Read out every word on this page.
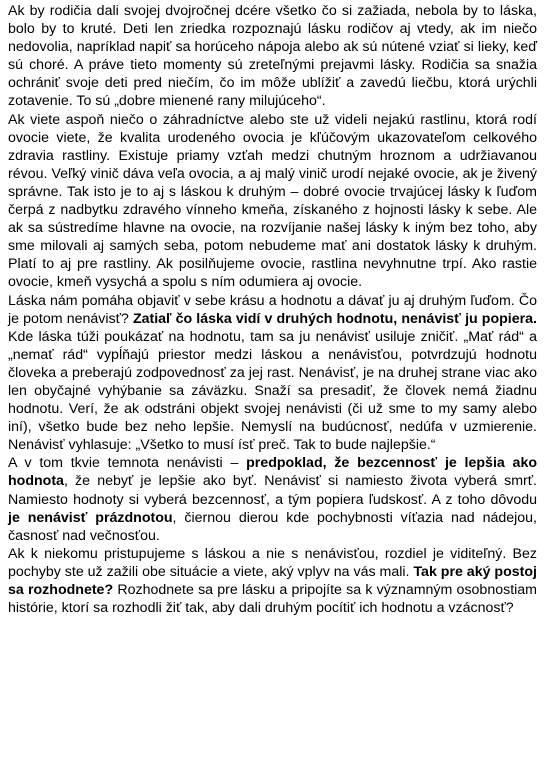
Ak by rodičia dali svojej dvojročnej dcére všetko čo si zažiada, nebola by to láska, bolo by to kruté. Deti len zriedka rozpoznajú lásku rodičov aj vtedy, ak im niečo nedovolia, napríklad napiť sa horúceho nápoja alebo ak sú nútené vziať si lieky, keď sú choré. A práve tieto momenty sú zreteľnými prejavmi lásky. Rodičia sa snažia ochrániť svoje deti pred niečím, čo im môže ublížiť a zavedú liečbu, ktorá urýchli zotavenie. To sú „dobre mienené rany milujúceho“.

Ak viete aspoň niečo o záhradníctve alebo ste už videli nejakú rastlinu, ktorá rodí ovocie viete, že kvalita urodeného ovocia je kľúčovým ukazovateľom celkového zdravia rastliny. Existuje priamy vzťah medzi chutným hroznom a udržiavanou révou. Veľký vinič dáva veľa ovocia, a aj malý vinič urodí nejaké ovocie, ak je živený správne. Tak isto je to aj s láskou k druhým – dobré ovocie trvajúcej lásky k ľuďom čerpá z nadbytku zdravého vínneho kmeňa, získaného z hojnosti lásky k sebe. Ale ak sa sústredíme hlavne na ovocie, na rozvíjanie našej lásky k iným bez toho, aby sme milovali aj samých seba, potom nebudeme mať ani dostatok lásky k druhým. Platí to aj pre rastliny. Ak posilňujeme ovocie, rastlina nevyhnutne trpí. Ako rastie ovocie, kmeň vysychá a spolu s ním odumiera aj ovocie.

Láska nám pomáha objaviť v sebe krásu a hodnotu a dávať ju aj druhým ľuďom. Čo je potom nenávisť? Zatiaľ čo láska vidí v druhých hodnotu, nenávisť ju popiera. Kde láska túži poukázať na hodnotu, tam sa ju nenávisť usiluje zničiť. „Mať rád“ a „nemať rád“ vypĺňajú priestor medzi láskou a nenávisťou, potvrdzujú hodnotu človeka a preberajú zodpovednosť za jej rast. Nenávisť, je na druhej strane viac ako len obyčajné vyhýbanie sa záväzku. Snaží sa presadiť, že človek nemá žiadnu hodnotu. Verí, že ak odstráni objekt svojej nenávisti (či už sme to my samy alebo iní), všetko bude bez neho lepšie. Nemyslí na budúcnosť, nedúfa v uzmierenie. Nenávisť vyhlasuje: „Všetko to musí ísť preč. Tak to bude najlepšie.“

A v tom tkvie temnota nenávisti – predpoklad, že bezcennosť je lepšia ako hodnota, že nebyť je lepšie ako byť. Nenávisť si namiesto života vyberá smrť. Namiesto hodnoty si vyberá bezcennosť, a tým popiera ľudskosť. A z toho dôvodu je nenávisť prázdnotou, čiernou dierou kde pochybnosti víťazia nad nádejou, časnosť nad večnosťou.

Ak k niekomu pristupujeme s láskou a nie s nenávisťou, rozdiel je viditeľný. Bez pochyby ste už zažili obe situácie a viete, aký vplyv na vás mali. Tak pre aký postoj sa rozhodnete? Rozhodnete sa pre lásku a pripojíte sa k významným osobnostiam histórie, ktorí sa rozhodli žiť tak, aby dali druhým pocítiť ich hodnotu a vzácnosť?
